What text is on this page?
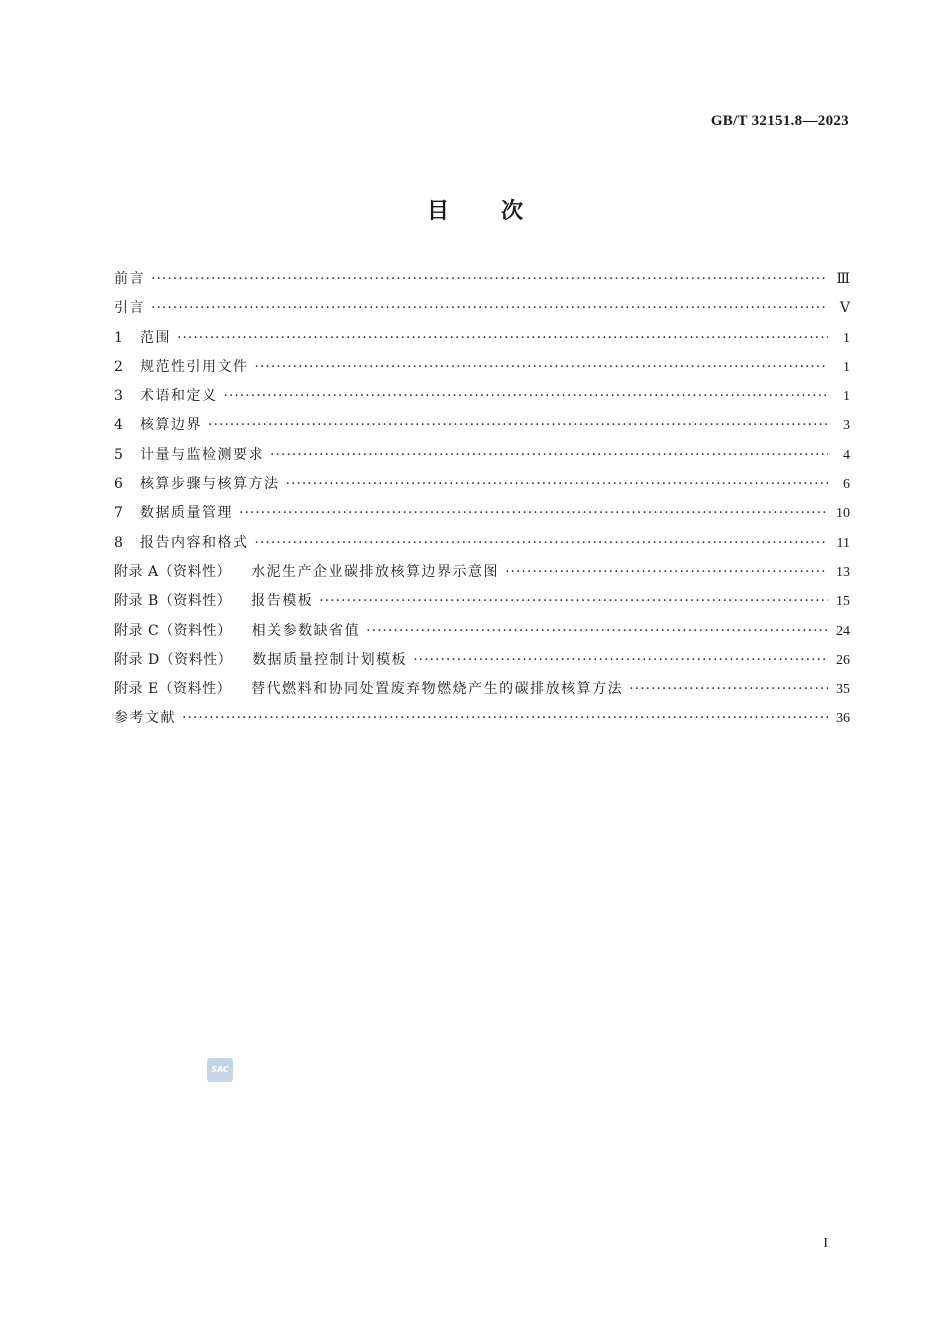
GB/T 32151.8—2023
目次
前言 ·····	Ⅲ
引言 ·····	Ⅴ
1	范围 ·····	1
2	规范性引用文件 ·····	1
3	术语和定义 ·····	1
4	核算边界 ·····	3
5	计量与监检测要求 ·····	4
6	核算步骤与核算方法 ·····	6
7	数据质量管理 ·····	10
8	报告内容和格式 ·····	11
附录 A（资料性） 水泥生产企业碳排放核算边界示意图 ·····	13
附录 B（资料性） 报告模板 ·····	15
附录 C（资料性） 相关参数缺省值 ·····	24
附录 D（资料性） 数据质量控制计划模板 ·····	26
附录 E（资料性） 替代燃料和协同处置废弃物燃烧产生的碳排放核算方法 ·····	35
参考文献 ·····	36
SAC
I
